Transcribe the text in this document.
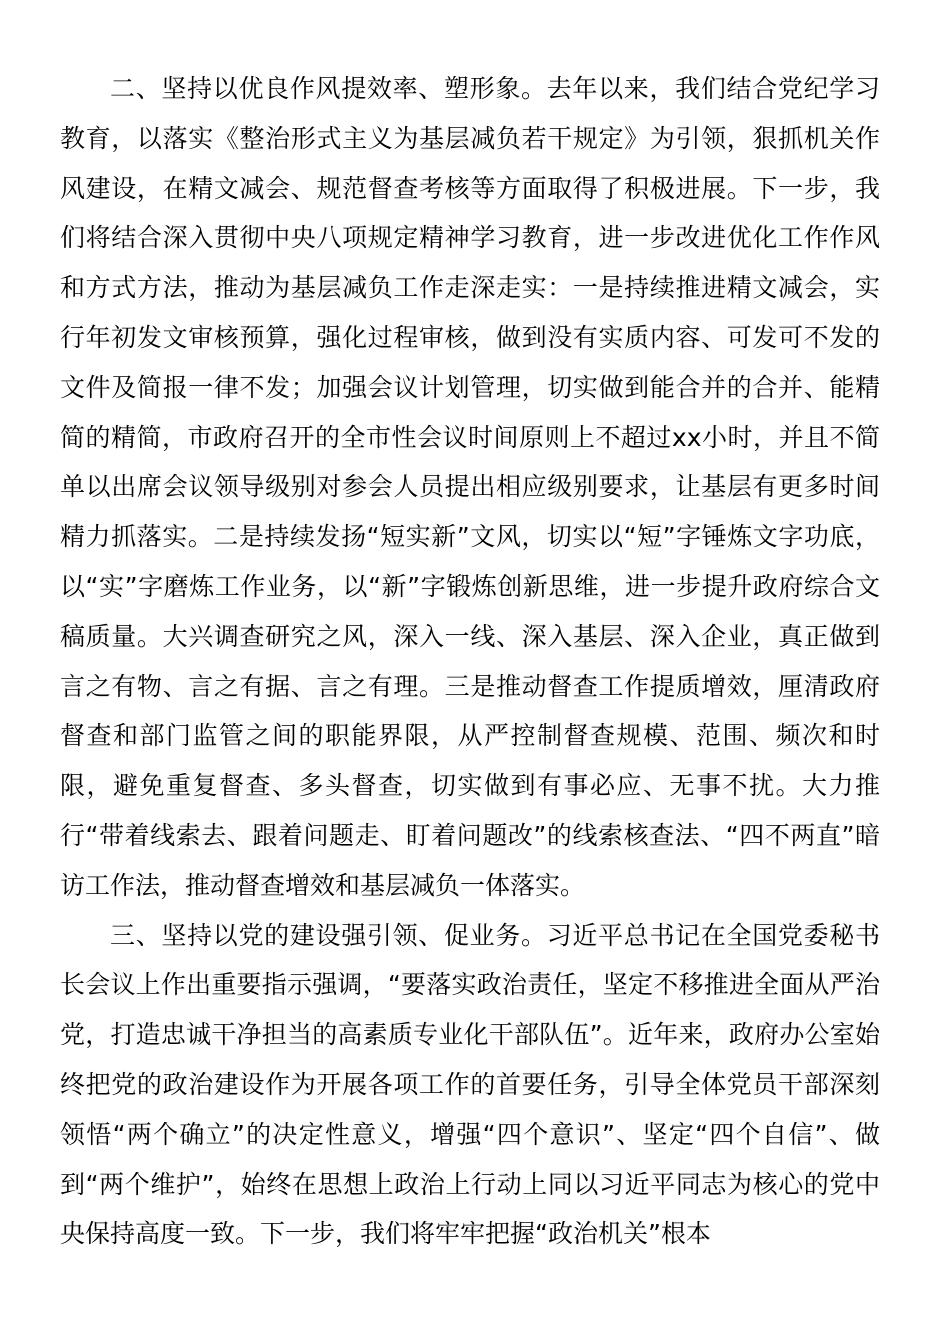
二、坚持以优良作风提效率、塑形象。去年以来，我们结合党纪学习教育，以落实《整治形式主义为基层减负若干规定》为引领，狠抓机关作风建设，在精文减会、规范督查考核等方面取得了积极进展。下一步，我们将结合深入贯彻中央八项规定精神学习教育，进一步改进优化工作作风和方式方法，推动为基层减负工作走深走实：一是持续推进精文减会，实行年初发文审核预算，强化过程审核，做到没有实质内容、可发可不发的文件及简报一律不发；加强会议计划管理，切实做到能合并的合并、能精简的精简，市政府召开的全市性会议时间原则上不超过xx小时，并且不简单以出席会议领导级别对参会人员提出相应级别要求，让基层有更多时间精力抓落实。二是持续发扬“短实新”文风，切实以“短”字锤炼文字功底，以“实”字磨炼工作业务，以“新”字锻炼创新思维，进一步提升政府综合文稿质量。大兴调查研究之风，深入一线、深入基层、深入企业，真正做到言之有物、言之有据、言之有理。三是推动督查工作提质增效，厘清政府督查和部门监管之间的职能界限，从严控制督查规模、范围、频次和时限，避免重复督查、多头督查，切实做到有事必应、无事不扰。大力推行“带着线索去、跟着问题走、盯着问题改”的线索核查法、“四不两直”暗访工作法，推动督查增效和基层减负一体落实。

三、坚持以党的建设强引领、促业务。习近平总书记在全国党委秘书长会议上作出重要指示强调，“要落实政治责任，坚定不移推进全面从严治党，打造忠诚干净担当的高素质专业化干部队伍”。近年来，政府办公室始终把党的政治建设作为开展各项工作的首要任务，引导全体党员干部深刻领悟“两个确立”的决定性意义，增强“四个意识”、坚定“四个自信”、做到“两个维护”，始终在思想上政治上行动上同以习近平同志为核心的党中央保持高度一致。下一步，我们将牢牢把握“政治机关”根本
